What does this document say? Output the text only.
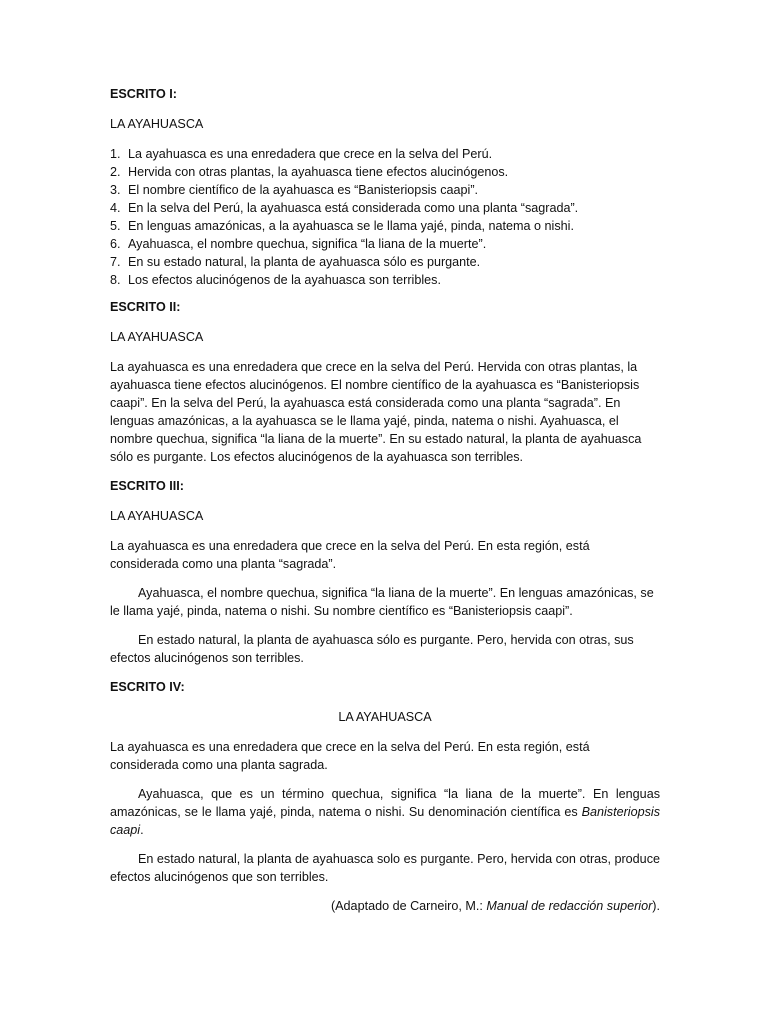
ESCRITO I:
LA AYAHUASCA
1. La ayahuasca es una enredadera que crece en la selva del Perú.
2. Hervida con otras plantas, la ayahuasca tiene efectos alucinógenos.
3. El nombre científico de la ayahuasca es “Banisteriopsis caapi”.
4. En la selva del Perú, la ayahuasca está considerada como una planta “sagrada”.
5. En lenguas amazónicas, a la ayahuasca se le llama yajé, pinda, natema o nishi.
6. Ayahuasca, el nombre quechua, significa “la liana de la muerte”.
7. En su estado natural, la planta de ayahuasca sólo es purgante.
8. Los efectos alucinógenos de la ayahuasca son terribles.
ESCRITO II:
LA AYAHUASCA

La ayahuasca es una enredadera que crece en la selva del Perú. Hervida con otras plantas, la ayahuasca tiene efectos alucinógenos. El nombre científico de la ayahuasca es “Banisteriopsis caapi”. En la selva del Perú, la ayahuasca está considerada como una planta “sagrada”. En lenguas amazónicas, a la ayahuasca se le llama yajé, pinda, natema o nishi. Ayahuasca, el nombre quechua, significa “la liana de la muerte”. En su estado natural, la planta de ayahuasca sólo es purgante. Los efectos alucinógenos de la ayahuasca son terribles.

ESCRITO III:
LA AYAHUASCA

La ayahuasca es una enredadera que crece en la selva del Perú. En esta región, está considerada como una planta “sagrada”.

Ayahuasca, el nombre quechua, significa “la liana de la muerte”. En lenguas amazónicas, se le llama yajé, pinda, natema o nishi. Su nombre científico es “Banisteriopsis caapi”.

En estado natural, la planta de ayahuasca sólo es purgante. Pero, hervida con otras, sus efectos alucinógenos son terribles.

ESCRITO IV:
LA AYAHUASCA

La ayahuasca es una enredadera que crece en la selva del Perú. En esta región, está considerada como una planta sagrada.

Ayahuasca, que es un término quechua, significa “la liana de la muerte”. En lenguas amazónicas, se le llama yajé, pinda, natema o nishi. Su denominación científica es Banisteriopsis caapi.

En estado natural, la planta de ayahuasca solo es purgante. Pero, hervida con otras, produce efectos alucinógenos que son terribles.

(Adaptado de Carneiro, M.: Manual de redacción superior).
